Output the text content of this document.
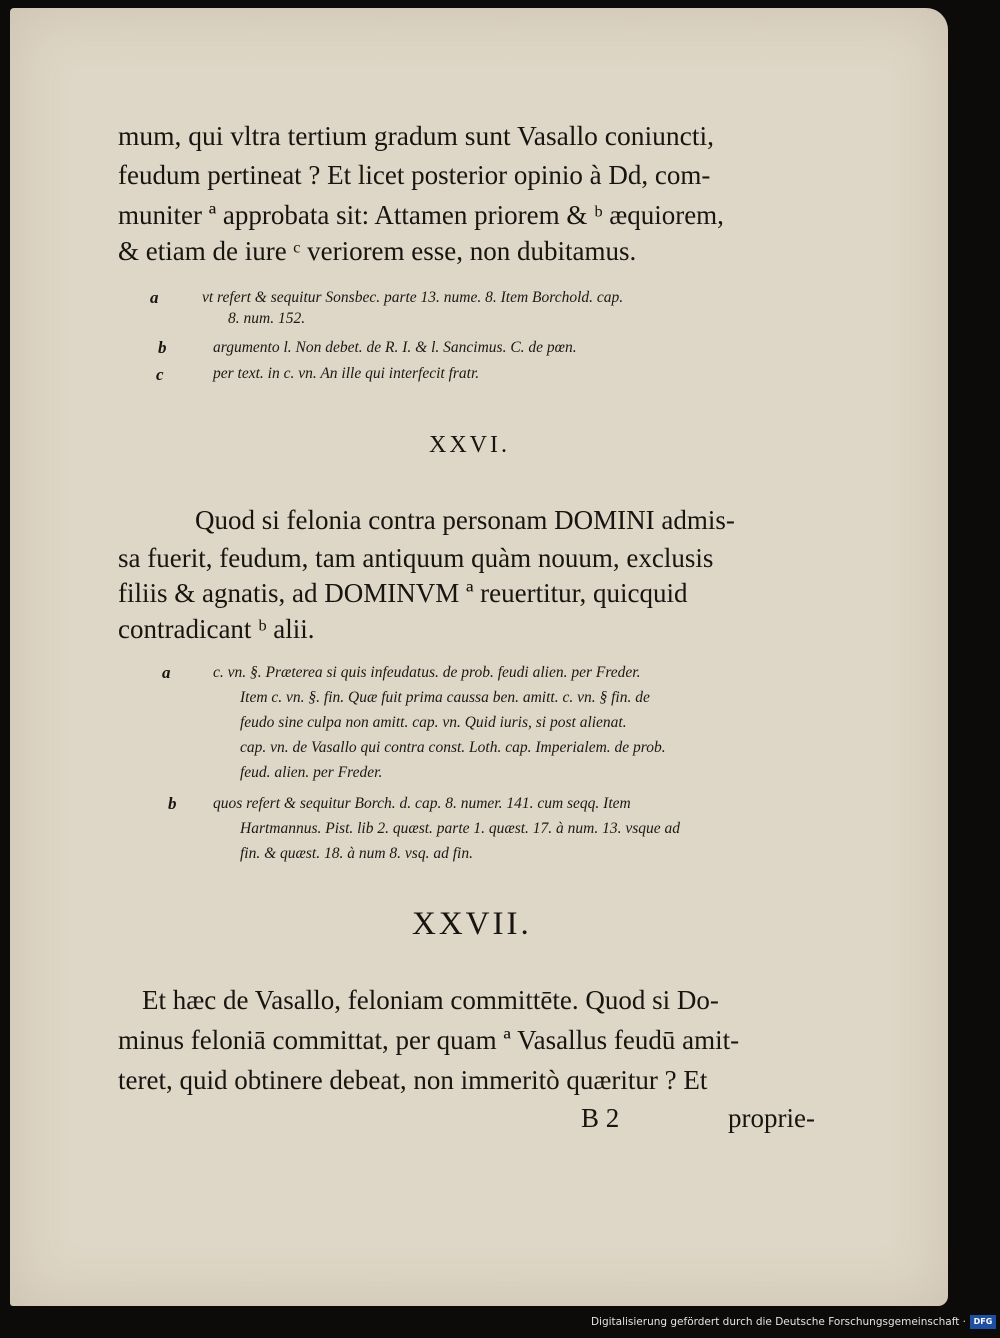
mum, qui vltra tertium gradum sunt Vasallo coniuncti,
feudum pertineat ? Et licet posterior opinio à Dd, com-
muniter ª approbata sit: Attamen priorem & ᵇ æquiorem,
& etiam de iure ᶜ veriorem esse, non dubitamus.
a	vt refert & sequitur Sonsbec. parte 13. nume. 8. Item Borchold. cap.
8. num. 152.
b	argumento l. Non debet. de R. I. & l. Sancimus. C. de pœn.
c	per text. in c. vn. An ille qui interfecit fratr.
XXVI.
Quod si felonia contra personam DOMINI admis-
sa fuerit, feudum, tam antiquum quàm nouum, exclusis
filiis & agnatis, ad DOMINVM ª reuertitur, quicquid
contradicant ᵇ alii.
a	c. vn. §. Præterea si quis infeudatus. de prob. feudi alien. per Freder.
Item c. vn. §. fin. Quæ fuit prima caussa ben. amitt. c. vn. § fin. de
feudo sine culpa non amitt. cap. vn. Quid iuris, si post alienat.
cap. vn. de Vasallo qui contra const. Loth. cap. Imperialem. de prob.
feud. alien. per Freder.
b quos refert & sequitur Borch. d. cap. 8. numer. 141. cum seqq. Item
Hartmannus. Pist. lib 2. quæst. parte 1. quæst. 17. à num. 13. vsque ad
fin. & quæst. 18. à num 8. vsq. ad fin.
XXVII.
Et hæc de Vasallo, feloniam committēte. Quod si Do-
minus feloniā committat, per quam ª Vasallus feudū amit-
teret, quid obtinere debeat, non immeritò quæritur ? Et
B 2	proprie-
Digitalisierung gefördert durch die Deutsche Forschungsgemeinschaft · DFG
